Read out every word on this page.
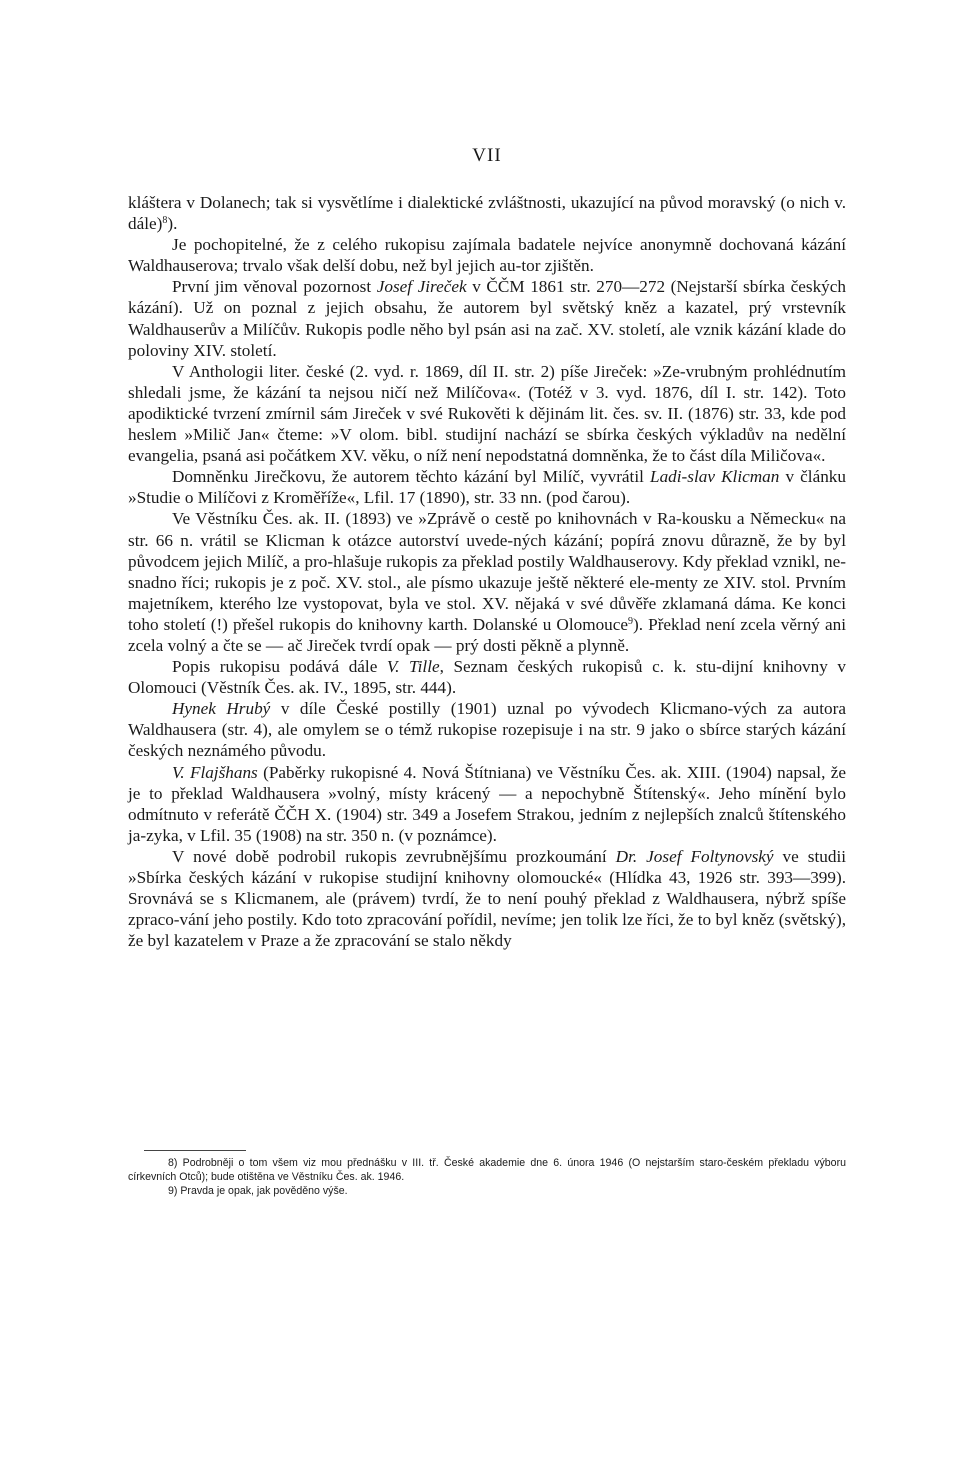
VII

kláštera v Dolanech; tak si vysvětlíme i dialektické zvláštnosti, ukazující na původ moravský (o nich v. dále)$^8$).

Je pochopitelné, že z celého rukopisu zajímala badatele nejvíce anonymně dochovaná kázání Waldhauserova; trvalo však delší dobu, než byl jejich au-tor zjištěn.

První jim věnoval pozornost Josef Jireček v ČČM 1861 str. 270—272 (Nejstarší sbírka českých kázání). Už on poznal z jejich obsahu, že autorem byl světský kněz a kazatel, prý vrstevník Waldhauserův a Milíčův. Rukopis podle něho byl psán asi na zač. XV. století, ale vznik kázání klade do poloviny XIV. století.

V Anthologii liter. české (2. vyd. r. 1869, díl II. str. 2) píše Jireček: »Ze-vrubným prohlédnutím shledali jsme, že kázání ta nejsou ničí než Milíčova«. (Totéž v 3. vyd. 1876, díl I. str. 142). Toto apodiktické tvrzení zmírnil sám Jireček v své Rukověti k dějinám lit. čes. sv. II. (1876) str. 33, kde pod heslem »Milič Jan« čteme: »V olom. bibl. studijní nachází se sbírka českých výkladův na nedělní evangelia, psaná asi počátkem XV. věku, o níž není nepodstatná domněnka, že to část díla Miličova«.

Domněnku Jirečkovu, že autorem těchto kázání byl Milíč, vyvrátil Ladi-slav Klicman v článku »Studie o Milíčovi z Kroměříže«, Lfil. 17 (1890), str. 33 nn. (pod čarou).

Ve Věstníku Čes. ak. II. (1893) ve »Zprávě o cestě po knihovnách v Ra-kousku a Německu« na str. 66 n. vrátil se Klicman k otázce autorství uvede-ných kázání; popírá znovu důrazně, že by byl původcem jejich Milíč, a pro-hlašuje rukopis za překlad postily Waldhauserovy. Kdy překlad vznikl, ne-snadno říci; rukopis je z poč. XV. stol., ale písmo ukazuje ještě některé ele-menty ze XIV. stol. Prvním majetníkem, kterého lze vystopovat, byla ve stol. XV. nějaká v své důvěře zklamaná dáma. Ke konci toho století (!) přešel rukopis do knihovny karth. Dolanské u Olomouce$^9$). Překlad není zcela věrný ani zcela volný a čte se — ač Jireček tvrdí opak — prý dosti pěkně a plynně.

Popis rukopisu podává dále V. Tille, Seznam českých rukopisů c. k. stu-dijní knihovny v Olomouci (Věstník Čes. ak. IV., 1895, str. 444).

Hynek Hrubý v díle České postilly (1901) uznal po vývodech Klicmano-vých za autora Waldhausera (str. 4), ale omylem se o témž rukopise rozepisuje i na str. 9 jako o sbírce starých kázání českých neznámého původu.

V. Flajšhans (Paběrky rukopisné 4. Nová Štítniana) ve Věstníku Čes. ak. XIII. (1904) napsal, že je to překlad Waldhausera »volný, místy krácený — a nepochybně Štítenský«. Jeho mínění bylo odmítnuto v referátě ČČH X. (1904) str. 349 a Josefem Strakou, jedním z nejlepších znalců štítenského ja-zyka, v Lfil. 35 (1908) na str. 350 n. (v poznámce).

V nové době podrobil rukopis zevrubnějšímu prozkoumání Dr. Josef Foltynovský ve studii »Sbírka českých kázání v rukopise studijní knihovny olomoucké« (Hlídka 43, 1926 str. 393—399). Srovnává se s Klicmanem, ale (právem) tvrdí, že to není pouhý překlad z Waldhausera, nýbrž spíše zpraco-vání jeho postily. Kdo toto zpracování pořídil, nevíme; jen tolik lze říci, že to byl kněz (světský), že byl kazatelem v Praze a že zpracování se stalo někdy

8) Podrobněji o tom všem viz mou přednášku v III. tř. České akademie dne 6. února 1946 (O nejstarším staro-českém překladu výboru církevních Otců); bude otištěna ve Věstníku Čes. ak. 1946.

9) Pravda je opak, jak pověděno výše.
